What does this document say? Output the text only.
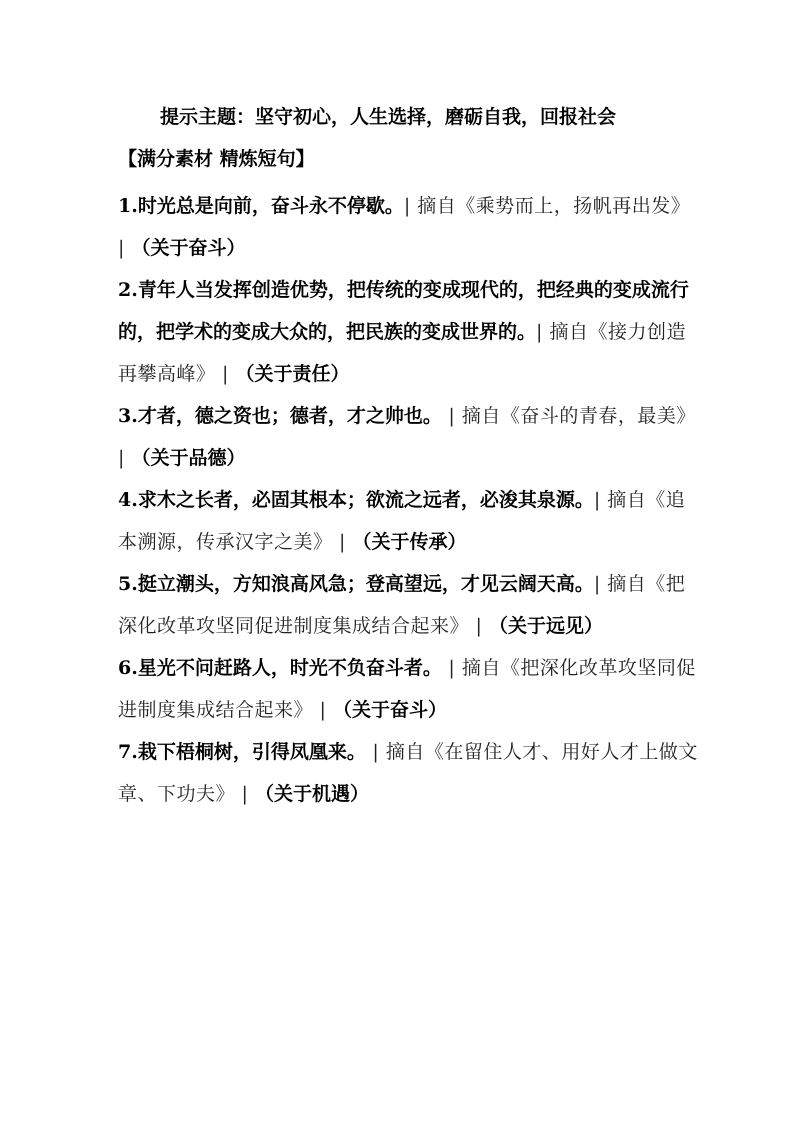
提示主题：坚守初心，人生选择，磨砺自我，回报社会
【满分素材 精炼短句】

1.时光总是向前，奋斗永不停歇。| 摘自《乘势而上，扬帆再出发》 | （关于奋斗）

2.青年人当发挥创造优势，把传统的变成现代的，把经典的变成流行的，把学术的变成大众的，把民族的变成世界的。| 摘自《接力创造再攀高峰》 | （关于责任）

3.才者，德之资也；德者，才之帅也。 | 摘自《奋斗的青春，最美》 | （关于品德）

4.求木之长者，必固其根本；欲流之远者，必浚其泉源。| 摘自《追本溯源，传承汉字之美》 | （关于传承）

5.挺立潮头，方知浪高风急；登高望远，才见云阔天高。| 摘自《把深化改革攻坚同促进制度集成结合起来》 | （关于远见）

6.星光不问赶路人，时光不负奋斗者。 | 摘自《把深化改革攻坚同促进制度集成结合起来》 | （关于奋斗）

7.栽下梧桐树，引得凤凰来。 | 摘自《在留住人才、用好人才上做文章、下功夫》 | （关于机遇）
